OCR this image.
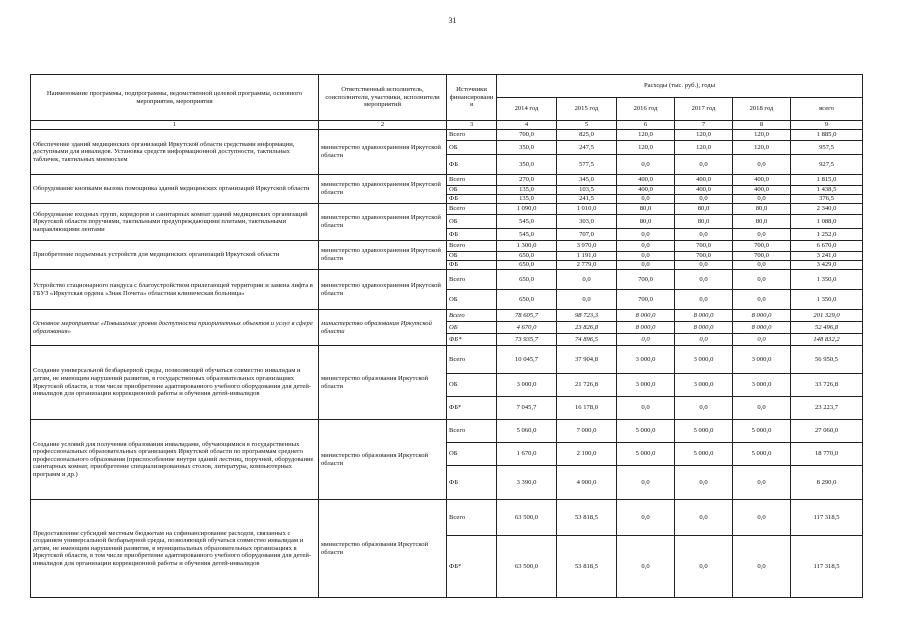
31
Наименование программы, подпрограммы, ведомственной целевой программы, основного мероприятия, мероприятия	Ответственный исполнитель, соисполнители, участники, исполнители мероприятий	Источники финансировани я	Расходы (тыс. руб.), годы					
			2014 год	2015 год	2016 год	2017 год	2018 год	всего
1	2	3	4	5	6	7	8	9
Обеспечение зданий медицинских организаций Иркутской области средствами информации, доступными для инвалидов. Установка средств информационной доступности, тактильных табличек, тактильных мнемосхем	министерство здравоохранения Иркутской области	Всего	700,0	825,0	120,0	120,0	120,0	1 885,0
		ОБ	350,0	247,5	120,0	120,0	120,0	957,5
		ФБ	350,0	577,5	0,0	0,0	0,0	927,5
Оборудование кнопками вызова помощника зданий медицинских организаций Иркутской области	министерство здравоохранения Иркутской области	Всего	270,0	345,0	400,0	400,0	400,0	1 815,0
		ОБ	135,0	103,5	400,0	400,0	400,0	1 438,5
		ФБ	135,0	241,5	0,0	0,0	0,0	376,5
Оборудование входных групп, коридоров и санитарных комнат зданий медицинских организаций Иркутской области поручнями, тактильными предупреждающими плитами, тактильными направляющими лентами	министерство здравоохранения Иркутской области	Всего	1 090,0	1 010,0	80,0	80,0	80,0	2 340,0
		ОБ	545,0	303,0	80,0	80,0	80,0	1 088,0
		ФБ	545,0	707,0	0,0	0,0	0,0	1 252,0
Приобретение подъемных устройств для медицинских организаций Иркутской области	министерство здравоохранения Иркутской области	Всего	1 300,0	3 970,0	0,0	700,0	700,0	6 670,0
		ОБ	650,0	1 191,0	0,0	700,0	700,0	3 241,0
		ФБ	650,0	2 779,0	0,0	0,0	0,0	3 429,0
Устройство стационарного пандуса с благоустройством прилегающей территории и замена лифта в ГБУЗ «Иркутская ордена «Знак Почета» областная клиническая больница»	министерство здравоохранения Иркутской области	Всего	650,0	0,0	700,0	0,0	0,0	1 350,0
		ОБ	650,0	0,0	700,0	0,0	0,0	1 350,0
Основное мероприятие «Повышение уровня доступности приоритетных объектов и услуг в сфере образования»	министерство образования Иркутской области	Всего	78 605,7	98 723,3	8 000,0	8 000,0	8 000,0	201 329,0
		ОБ	4 670,0	23 826,8	8 000,0	8 000,0	8 000,0	52 496,8
		ФБ*	73 935,7	74 896,5	0,0	0,0	0,0	148 832,2
Создание универсальной безбарьерной среды, позволяющей обучаться совместно инвалидам и детям, не имеющим нарушений развития, в государственных образовательных организациях Иркутской области, в том числе приобретение адаптированного учебного оборудования для детей-инвалидов для организации коррекционной работы и обучения детей-инвалидов	министерство образования Иркутской области	Всего	10 045,7	37 904,8	3 000,0	3 000,0	3 000,0	56 950,5
		ОБ	3 000,0	21 726,8	3 000,0	3 000,0	3 000,0	33 726,8
		ФБ*	7 045,7	16 178,0	0,0	0,0	0,0	23 223,7
Создание условий для получения образования инвалидами, обучающимися в государственных профессиональных образовательных организациях Иркутской области по программам среднего профессионального образования (приспособление внутри зданий лестниц, поручней, оборудование санитарных комнат, приобретение специализированных столов, литературы, компьютерных программ и др.)	министерство образования Иркутской области	Всего	5 060,0	7 000,0	5 000,0	5 000,0	5 000,0	27 060,0
		ОБ	1 670,0	2 100,0	5 000,0	5 000,0	5 000,0	18 770,0
		ФБ	3 390,0	4 900,0	0,0	0,0	0,0	8 290,0
Предоставление субсидий местным бюджетам на софинансирование расходов, связанных с созданием универсальной безбарьерной среды, позволяющей обучаться совместно инвалидам и детям, не имеющим нарушений развития, в муниципальных образовательных организациях в Иркутской области, в том числе приобретение адаптированного учебного оборудования для детей-инвалидов для организации коррекционной работы и обучения детей-инвалидов	министерство образования Иркутской области	Всего	63 500,0	53 818,5	0,0	0,0	0,0	117 318,5
		ФБ*	63 500,0	53 818,5	0,0	0,0	0,0	117 318,5
